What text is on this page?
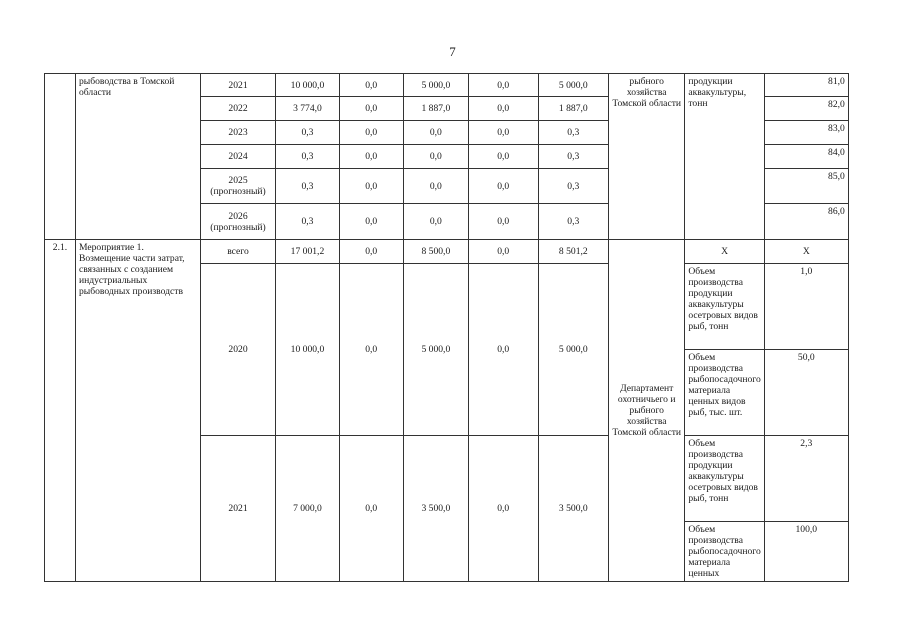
7
	рыбоводства в Томской области	2021	10 000,0	0,0	5 000,0	0,0	5 000,0	рыбного хозяйства Томской области	продукции аквакультуры, тонн	81,0
		2022	3 774,0	0,0	1 887,0	0,0	1 887,0			82,0
		2023	0,3	0,0	0,0	0,0	0,3			83,0
		2024	0,3	0,0	0,0	0,0	0,3			84,0
		2025 (прогнозный)	0,3	0,0	0,0	0,0	0,3			85,0
		2026 (прогнозный)	0,3	0,0	0,0	0,0	0,3			86,0
2.1.	Мероприятие 1. Возмещение части затрат, связанных с созданием индустриальных рыбоводных производств	всего	17 001,2	0,0	8 500,0	0,0	8 501,2	Департамент охотничьего и рыбного хозяйства Томской области	X	X
		2020	10 000,0	0,0	5 000,0	0,0	5 000,0		Объем производства продукции аквакультуры осетровых видов рыб, тонн	1,0
									Объем производства рыбопосадочного материала ценных видов рыб, тыс. шт.	50,0
		2021	7 000,0	0,0	3 500,0	0,0	3 500,0		Объем производства продукции аквакультуры осетровых видов рыб, тонн	2,3
									Объем производства рыбопосадочного материала ценных	100,0
